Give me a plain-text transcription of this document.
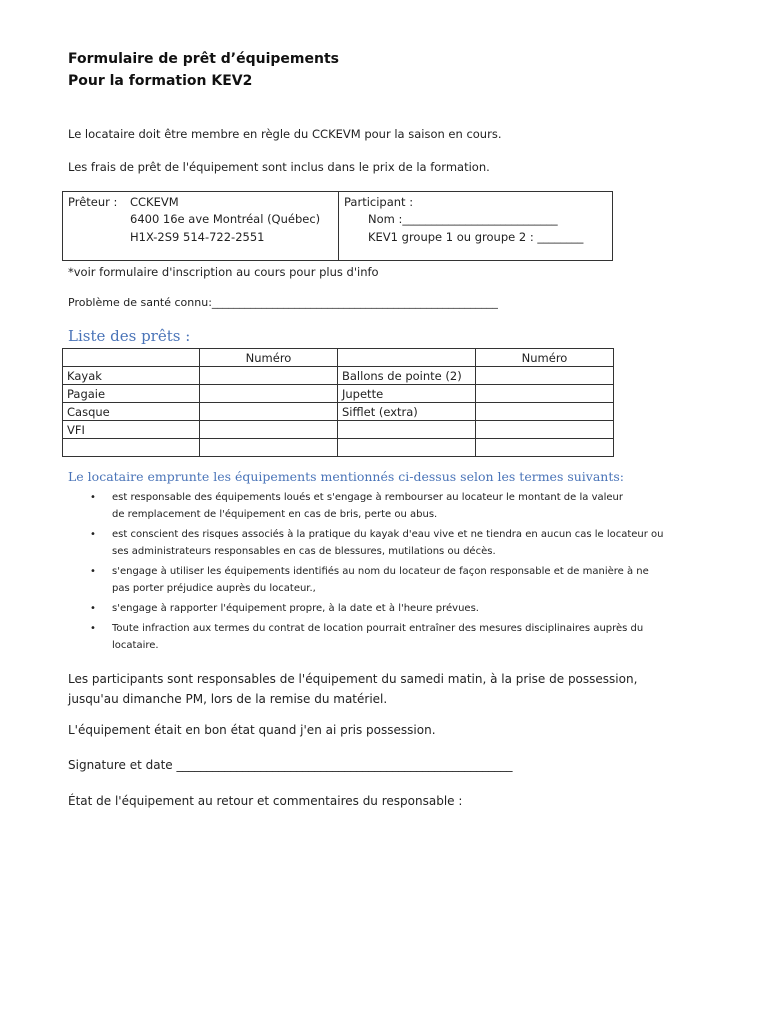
Formulaire de prêt d’équipements
Pour la formation KEV2
Le locataire doit être membre en règle du CCKEVM pour la saison en cours.
Les frais de prêt de l'équipement sont inclus dans le prix de la formation.
Prêteur : CCKEVM
6400 16e ave Montréal (Québec)
H1X-2S9 514-722-2551
Participant :
Nom :___________________________
KEV1 groupe 1 ou groupe 2 : ________
*voir formulaire d'inscription au cours pour plus d'info
Problème de santé connu:____________________________________________________
Liste des prêts :
	Numéro		Numéro
Kayak		Ballons de pointe (2)	
Pagaie		Jupette	
Casque		Sifflet (extra)	
VFI			

Le locataire emprunte les équipements mentionnés ci-dessus selon les termes suivants:
• est responsable des équipements loués et s'engage à rembourser au locateur le montant de la valeur
de remplacement de l'équipement en cas de bris, perte ou abus.
• est conscient des risques associés à la pratique du kayak d'eau vive et ne tiendra en aucun cas le locateur ou
ses administrateurs responsables en cas de blessures, mutilations ou décès.
• s'engage à utiliser les équipements identifiés au nom du locateur de façon responsable et de manière à ne
pas porter préjudice auprès du locateur.,
• s'engage à rapporter l'équipement propre, à la date et à l'heure prévues.
• Toute infraction aux termes du contrat de location pourrait entraîner des mesures disciplinaires auprès du
locataire.
Les participants sont responsables de l'équipement du samedi matin, à la prise de possession,
jusqu'au dimanche PM, lors de la remise du matériel.
L'équipement était en bon état quand j'en ai pris possession.
Signature et date ________________________________________________________
État de l'équipement au retour et commentaires du responsable :
